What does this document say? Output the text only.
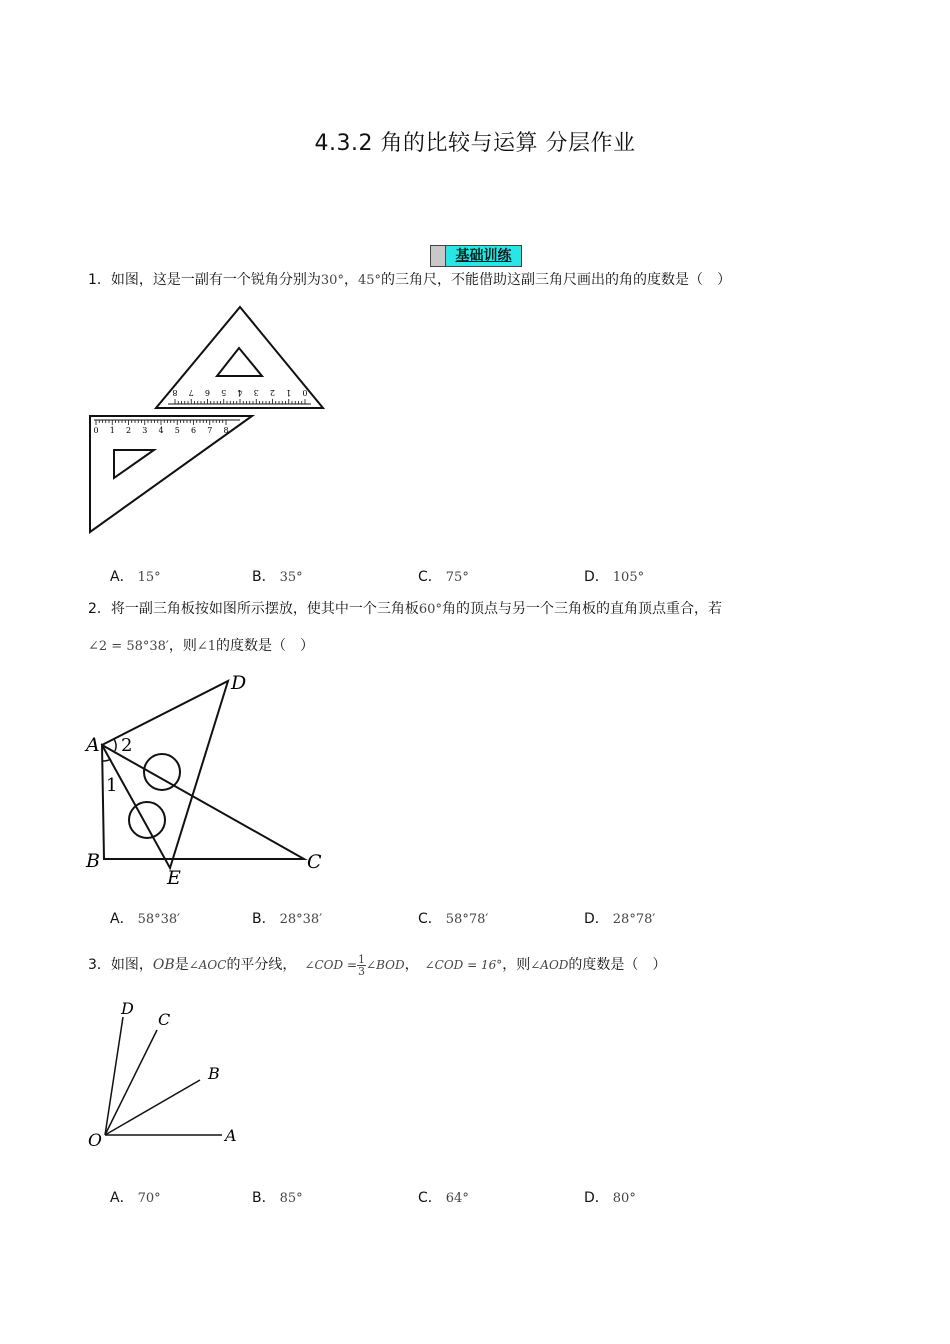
4.3.2 角的比较与运算 分层作业
基础训练
1．如图，这是一副有一个锐角分别为30°，45°的三角尺，不能借助这副三角尺画出的角的度数是（　）
8 7 6 5 4 3 2 1 0
0 1 2 3 4 5 6 7 8
A． 15°	B． 35°	C． 75°	D． 105°
2．将一副三角板按如图所示摆放，使其中一个三角板60°角的顶点与另一个三角板的直角顶点重合，若
∠2 = 58°38′，则∠1的度数是（　）
A
B	C
D
E
2
1
A． 58°38′	B． 28°38′	C． 58°78′	D． 28°78′
3．如图，OB是∠AOC的平分线， ∠COD = $\frac{1}{3}$ ∠BOD， ∠COD = 16°，则∠AOD的度数是（　）
O	A
B
C
D
A． 70°	B． 85°	C． 64°	D． 80°
